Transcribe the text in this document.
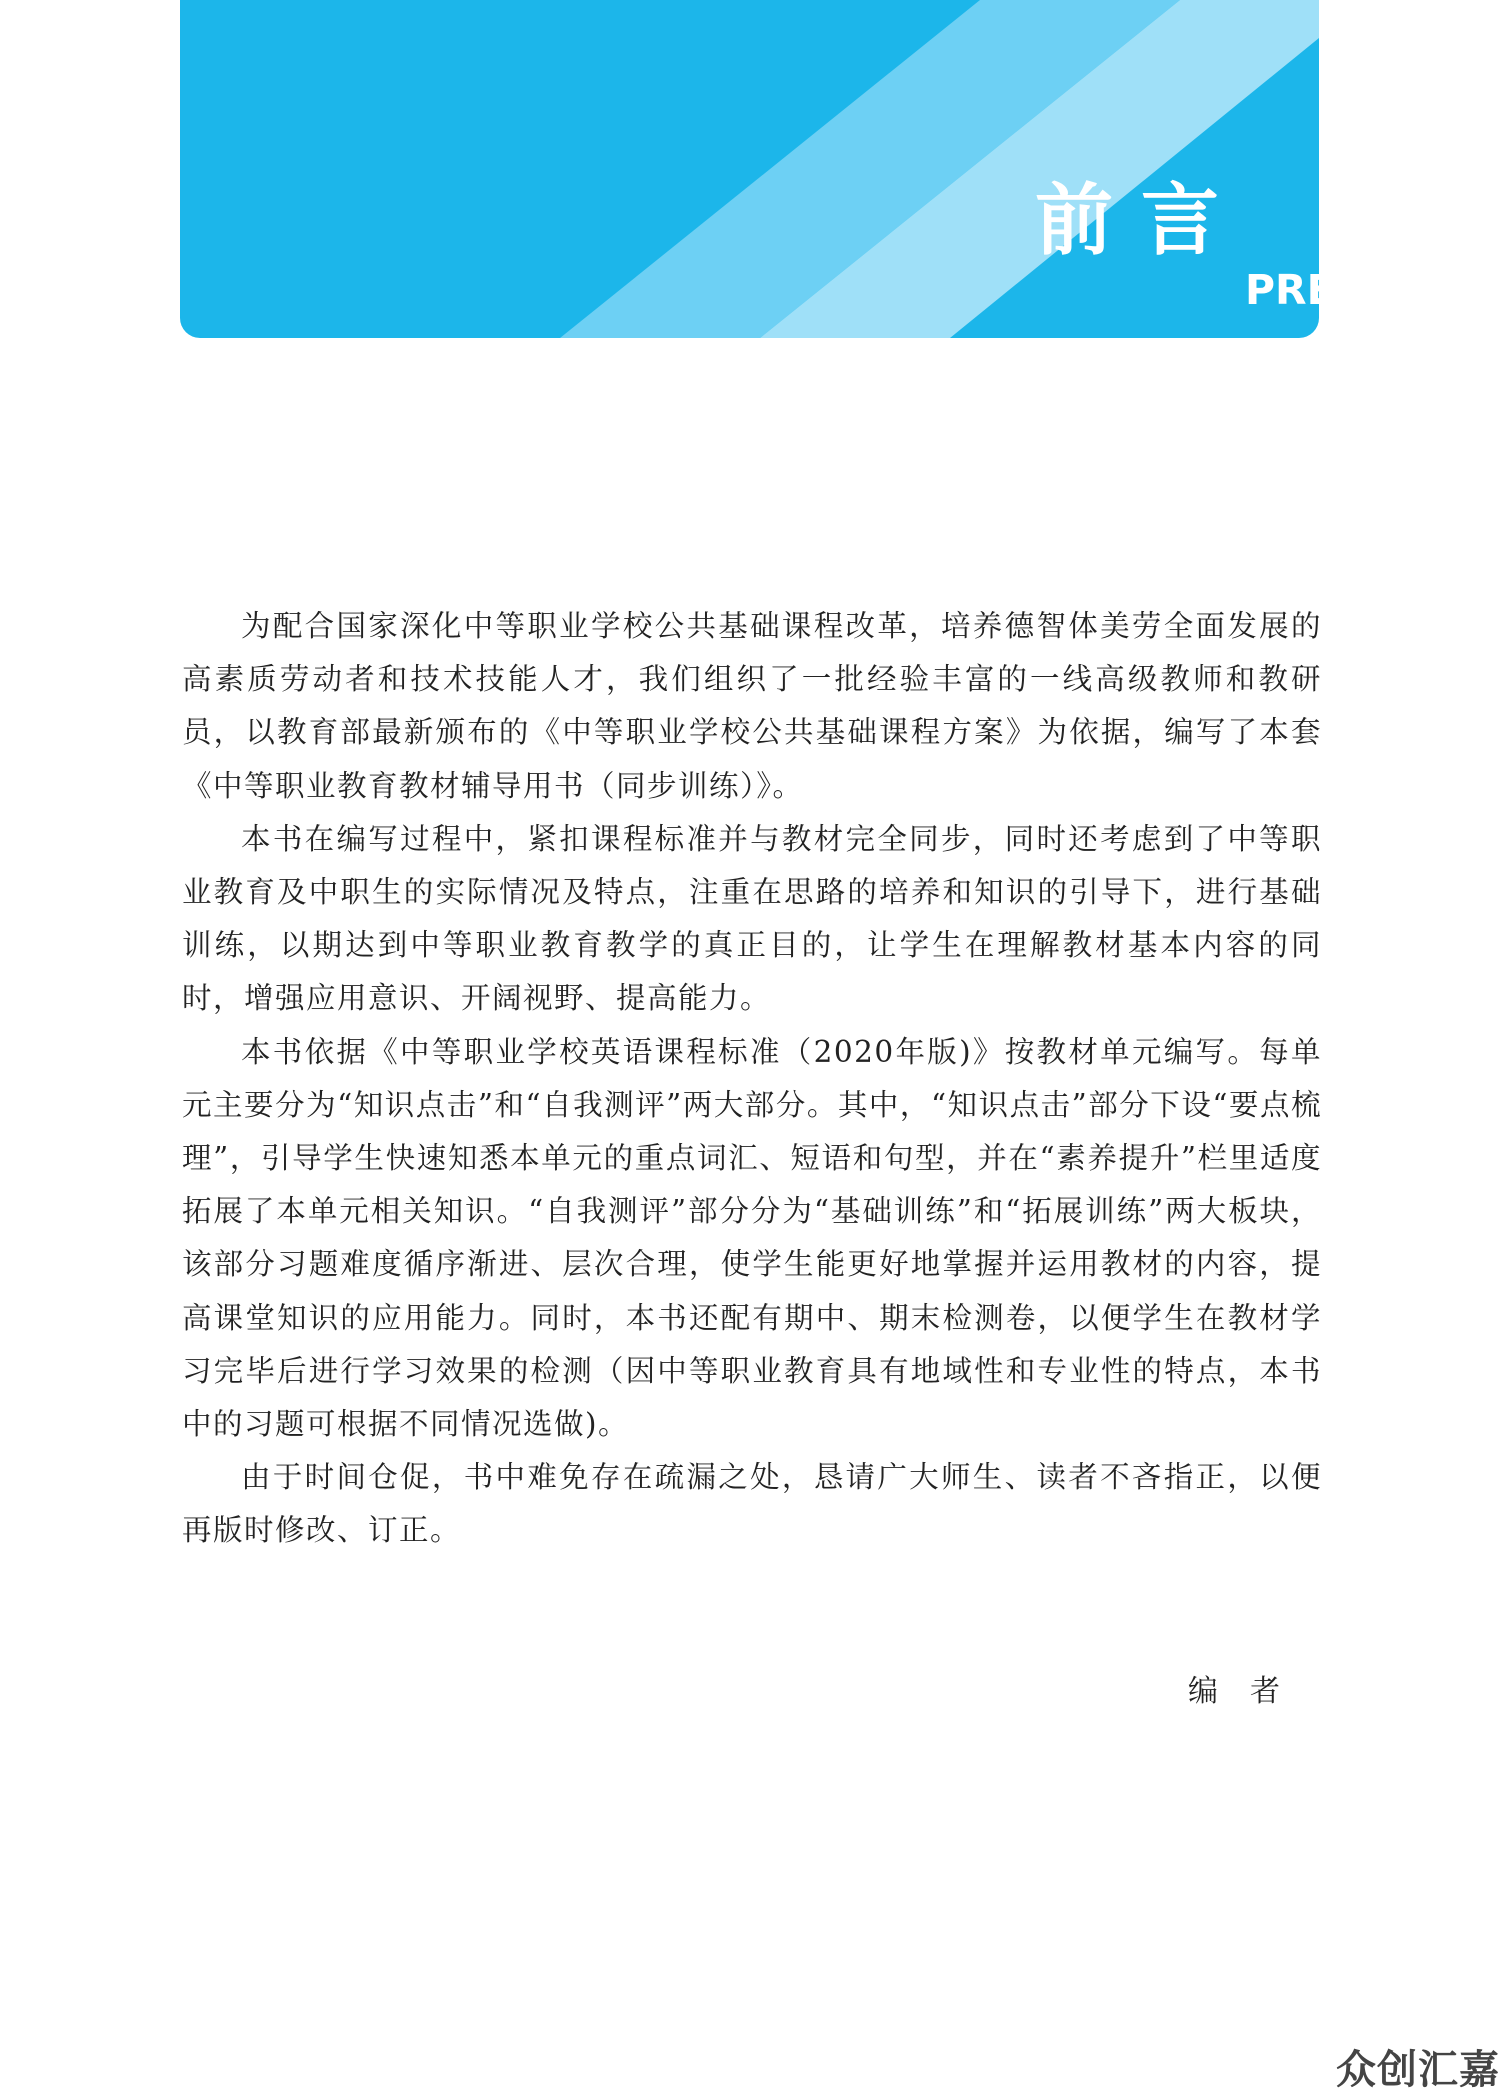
前言
PREFACE

为配合国家深化中等职业学校公共基础课程改革，培养德智体美劳全面发展的高素质劳动者和技术技能人才，我们组织了一批经验丰富的一线高级教师和教研员，以教育部最新颁布的《中等职业学校公共基础课程方案》为依据，编写了本套《中等职业教育教材辅导用书（同步训练）》。

本书在编写过程中，紧扣课程标准并与教材完全同步，同时还考虑到了中等职业教育及中职生的实际情况及特点，注重在思路的培养和知识的引导下，进行基础训练，以期达到中等职业教育教学的真正目的，让学生在理解教材基本内容的同时，增强应用意识、开阔视野、提高能力。

本书依据《中等职业学校英语课程标准（2020年版)》按教材单元编写。每单元主要分为“知识点击”和“自我测评”两大部分。其中，“知识点击”部分下设“要点梳理”，引导学生快速知悉本单元的重点词汇、短语和句型，并在“素养提升”栏里适度拓展了本单元相关知识。“自我测评”部分分为“基础训练”和“拓展训练”两大板块，该部分习题难度循序渐进、层次合理，使学生能更好地掌握并运用教材的内容，提高课堂知识的应用能力。同时，本书还配有期中、期末检测卷，以便学生在教材学习完毕后进行学习效果的检测（因中等职业教育具有地域性和专业性的特点，本书中的习题可根据不同情况选做)。

由于时间仓促，书中难免存在疏漏之处，恳请广大师生、读者不吝指正，以便再版时修改、订正。

编者
众创汇嘉
